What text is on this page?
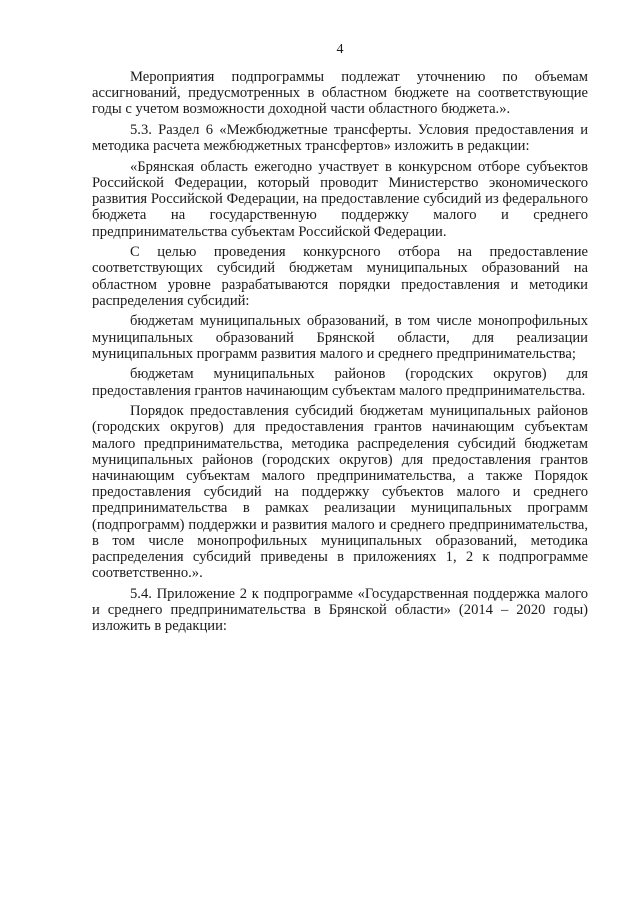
4

Мероприятия подпрограммы подлежат уточнению по объемам ассигнований, предусмотренных в областном бюджете на соответствующие годы с учетом возможности доходной части областного бюджета.».

5.3. Раздел 6 «Межбюджетные трансферты. Условия предоставления и методика расчета межбюджетных трансфертов» изложить в редакции:

«Брянская область ежегодно участвует в конкурсном отборе субъектов Российской Федерации, который проводит Министерство экономического развития Российской Федерации, на предоставление субсидий из федерального бюджета на государственную поддержку малого и среднего предпринимательства субъектам Российской Федерации.

С целью проведения конкурсного отбора на предоставление соответствующих субсидий бюджетам муниципальных образований на областном уровне разрабатываются порядки предоставления и методики распределения субсидий:

бюджетам муниципальных образований, в том числе монопрофильных муниципальных образований Брянской области, для реализации муниципальных программ развития малого и среднего предпринимательства;

бюджетам муниципальных районов (городских округов) для предоставления грантов начинающим субъектам малого предпринимательства.

Порядок предоставления субсидий бюджетам муниципальных районов (городских округов) для предоставления грантов начинающим субъектам малого предпринимательства, методика распределения субсидий бюджетам муниципальных районов (городских округов) для предоставления грантов начинающим субъектам малого предпринимательства, а также Порядок предоставления субсидий на поддержку субъектов малого и среднего предпринимательства в рамках реализации муниципальных программ (подпрограмм) поддержки и развития малого и среднего предпринимательства, в том числе монопрофильных муниципальных образований, методика распределения субсидий приведены в приложениях 1, 2 к подпрограмме соответственно.».

5.4. Приложение 2 к подпрограмме «Государственная поддержка малого и среднего предпринимательства в Брянской области» (2014 – 2020 годы) изложить в редакции:
